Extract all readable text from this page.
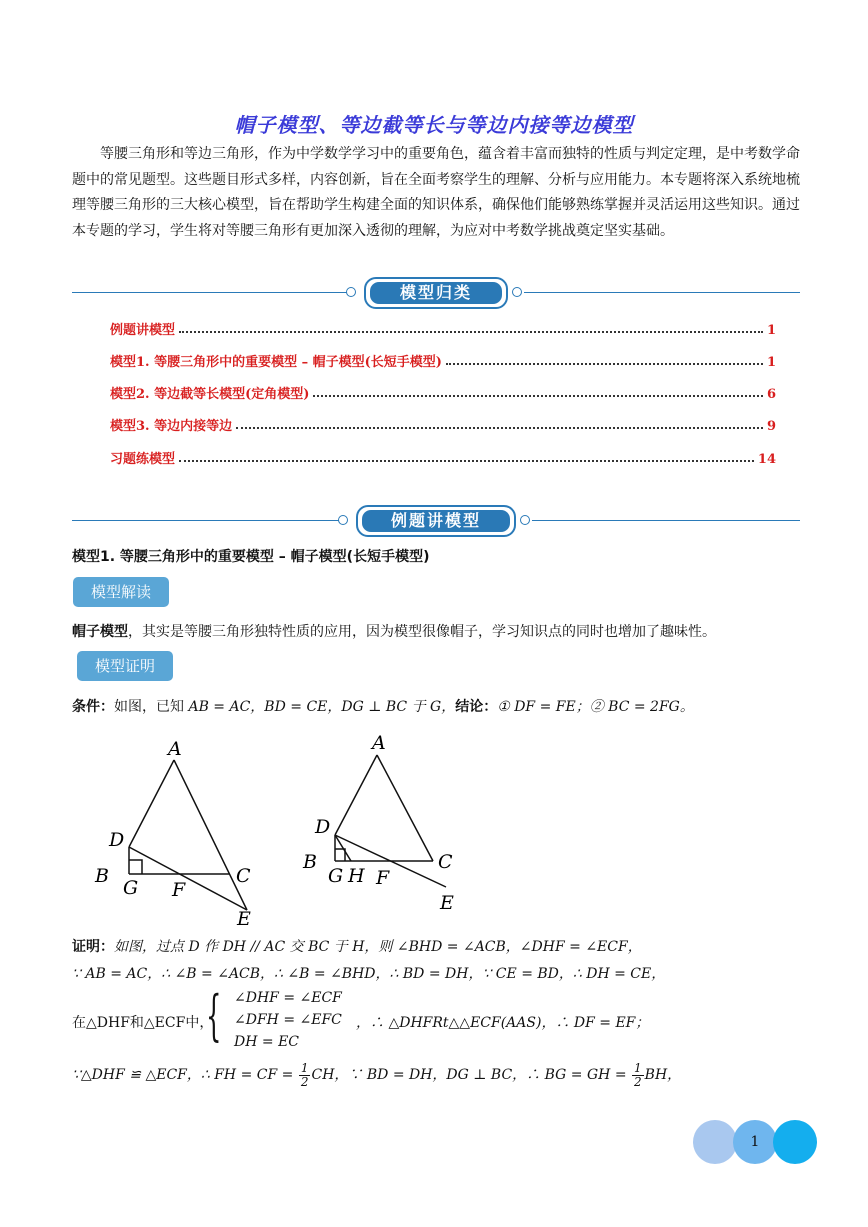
帽子模型、等边截等长与等边内接等边模型
等腰三角形和等边三角形，作为中学数学学习中的重要角色，蕴含着丰富而独特的性质与判定定理，是中考数学命题中的常见题型。这些题目形式多样，内容创新，旨在全面考察学生的理解、分析与应用能力。本专题将深入系统地梳理等腰三角形的三大核心模型，旨在帮助学生构建全面的知识体系，确保他们能够熟练掌握并灵活运用这些知识。通过本专题的学习，学生将对等腰三角形有更加深入透彻的理解，为应对中考数学挑战奠定坚实基础。
模型归类
例题讲模型	1
模型1. 等腰三角形中的重要模型 – 帽子模型(长短手模型)	1
模型2. 等边截等长模型(定角模型)	6
模型3. 等边内接等边	9
习题练模型	14
例题讲模型
模型1. 等腰三角形中的重要模型 – 帽子模型(长短手模型)
模型解读
帽子模型，其实是等腰三角形独特性质的应用，因为模型很像帽子，学习知识点的同时也增加了趣味性。
模型证明
条件：如图，已知 AB = AC，BD = CE，DG ⊥ BC 于 G，结论：① DF = FE；② BC = 2FG。
A
D
B
G F
C
E
A
D
B
G H F
C
E
证明：如图，过点 D 作 DH // AC 交 BC 于 H，则 ∠BHD = ∠ACB，∠DHF = ∠ECF，
∵ AB = AC，∴ ∠B = ∠ACB，∴ ∠B = ∠BHD，∴ BD = DH，∵ CE = BD，∴ DH = CE，
在△DHF和△ECF中，
{ ∠DHF = ∠ECF
∠DFH = ∠EFC
DH = EC
，∴ △DHFRt△△ECF(AAS)，∴ DF = EF；
∵△DHF ≌ △ECF，∴ FH = CF = $\frac{1}{2}$ CH，∵ BD = DH，DG ⊥ BC，∴ BG = GH = $\frac{1}{2}$ BH，
1
